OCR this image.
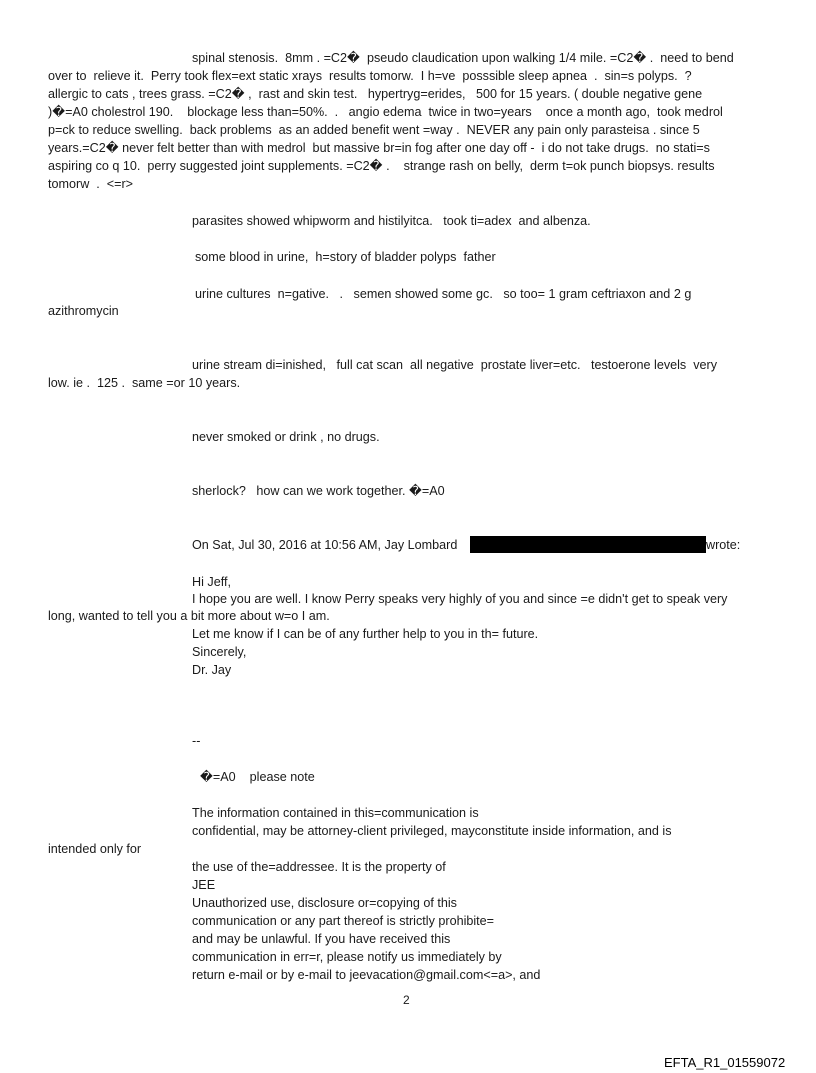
spinal stenosis.  8mm . =C2�  pseudo claudication upon walking 1/4 mile. =C2� .  need to bend
over to  relieve it.  Perry took flex=ext static xrays  results tomorw.  I h=ve  posssible sleep apnea  .  sin=s polyps.  ?
allergic to cats , trees grass. =C2� ,  rast and skin test.   hypertryg=erides,   500 for 15 years. ( double negative gene
)�=A0 cholestrol 190.    blockage less than=50%.  .   angio edema  twice in two=years    once a month ago,  took medrol
p=ck to reduce swelling.  back problems  as an added benefit went =way .  NEVER any pain only parasteisa . since 5
years.=C2� never felt better than with medrol  but massive br=in fog after one day off -  i do not take drugs.  no stati=s
aspiring co q 10.  perry suggested joint supplements. =C2� .    strange rash on belly,  derm t=ok punch biopsys. results
tomorw  .  <=r>
parasites showed whipworm and histilyitca.   took ti=adex  and albenza.
some blood in urine,  h=story of bladder polyps  father
urine cultures  n=gative.   .   semen showed some gc.   so too= 1 gram ceftriaxon and 2 g
azithromycin
urine stream di=inished,   full cat scan  all negative  prostate liver=etc.   testoerone levels  very
low. ie .  125 .  same =or 10 years.
never smoked or drink , no drugs.
sherlock?   how can we work together. �=A0
On Sat, Jul 30, 2016 at 10:56 AM, Jay Lombard	wrote:
Hi Jeff,
I hope you are well. I know Perry speaks very highly of you and since =e didn't get to speak very
long, wanted to tell you a bit more about w=o I am.
Let me know if I can be of any further help to you in th= future.
Sincerely,
Dr. Jay
--
�=A0    please note
The information contained in this=communication is
confidential, may be attorney-client privileged, mayconstitute inside information, and is
intended only for
the use of the=addressee. It is the property of
JEE
Unauthorized use, disclosure or=copying of this
communication or any part thereof is strictly prohibite=
and may be unlawful. If you have received this
communication in err=r, please notify us immediately by
return e-mail or by e-mail to jeevacation@gmail.com<=a>, and
2
EFTA_R1_01559072
